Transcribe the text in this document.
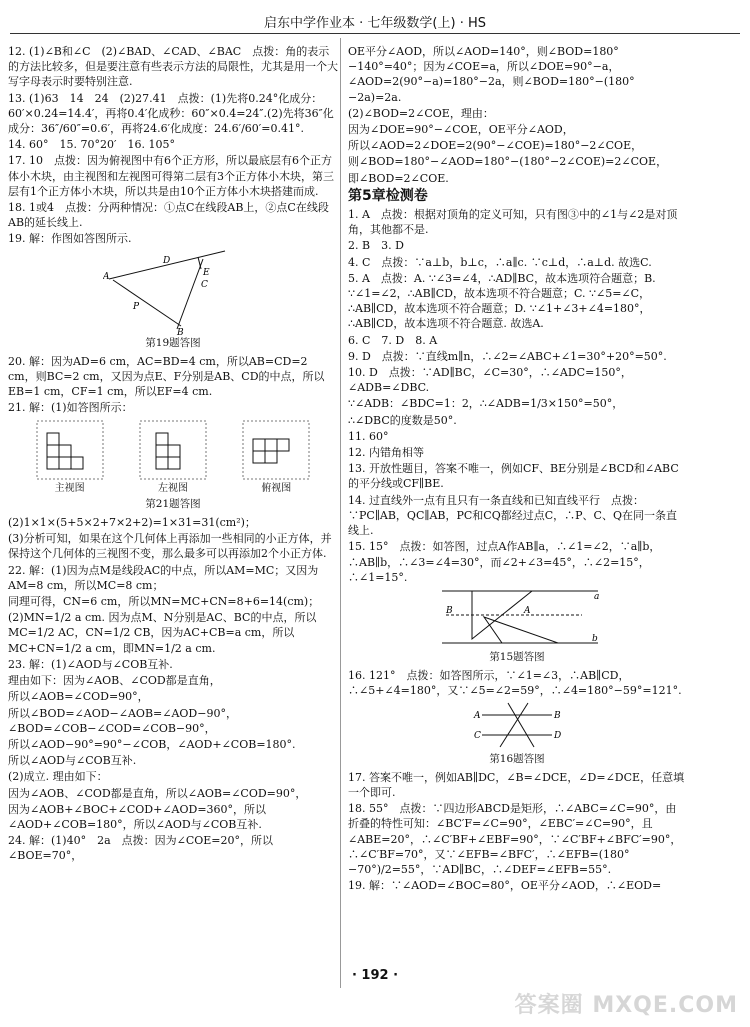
启东中学作业本 · 七年级数学(上) · HS

12. (1)∠B和∠C　(2)∠BAD、∠CAD、∠BAC　点拨：角的表示的方法比较多，但是要注意有些表示方法的局限性，尤其是用一个大写字母表示时要特别注意.

13. (1)63　14　24　(2)27.41　点拨：(1)先将0.24°化成分：60′×0.24=14.4′，再将0.4′化成秒：60″×0.4=24″.(2)先将36″化成分：36″/60″=0.6′，再将24.6′化成度：24.6′/60′=0.41°.

14. 60°　15. 70°20′　16. 105°

17. 10　点拨：因为俯视图中有6个正方形，所以最底层有6个正方体小木块，由主视图和左视图可得第二层有3个正方体小木块，第三层有1个正方体小木块，所以共是由10个正方体小木块搭建而成.

18. 1或4　点拨：分两种情况：①点C在线段AB上，②点C在线段AB的延长线上.

19. 解：作图如答图所示.

A
D
E
C
P
B
第19题答图

20. 解：因为AD=6 cm，AC=BD=4 cm，所以AB=CD=2 cm，则BC=2 cm，又因为点E、F分别是AB、CD的中点，所以EB=1 cm，CF=1 cm，所以EF=4 cm.

21. 解：(1)如答图所示：

主视图	左视图	俯视图
第21题答图

(2)1×1×(5+5×2+7×2+2)=1×31=31(cm²)；

(3)分析可知，如果在这个几何体上再添加一些相同的小正方体，并保持这个几何体的三视图不变，那么最多可以再添加2个小正方体.

22. 解：(1)因为点M是线段AC的中点，所以AM=MC；又因为AM=8 cm，所以MC=8 cm；

同理可得，CN=6 cm，所以MN=MC+CN=8+6=14(cm)；

(2)MN=1/2 a cm. 因为点M、N分别是AC、BC的中点，所以MC=1/2 AC，CN=1/2 CB，因为AC+CB=a cm，所以MC+CN=1/2 a cm，即MN=1/2 a cm.

23. 解：(1)∠AOD与∠COB互补.

理由如下：因为∠AOB、∠COD都是直角，

所以∠AOB=∠COD=90°，

所以∠BOD=∠AOD−∠AOB=∠AOD−90°，∠BOD=∠COB−∠COD=∠COB−90°，

所以∠AOD−90°=90°−∠COB，∠AOD+∠COB=180°.

所以∠AOD与∠COB互补.

(2)成立. 理由如下：

因为∠AOB、∠COD都是直角，所以∠AOB=∠COD=90°，

因为∠AOB+∠BOC+∠COD+∠AOD=360°，所以∠AOD+∠COB=180°，所以∠AOD与∠COB互补.

24. 解：(1)40°　2a　点拨：因为∠COE=20°，所以∠BOE=70°，

OE平分∠AOD，所以∠AOD=140°，则∠BOD=180°−140°=40°；因为∠COE=a，所以∠DOE=90°−a，∠AOD=2(90°−a)=180°−2a，则∠BOD=180°−(180°−2a)=2a.

(2)∠BOD=2∠COE，理由：

因为∠DOE=90°−∠COE，OE平分∠AOD，

所以∠AOD=2∠DOE=2(90°−∠COE)=180°−2∠COE，

则∠BOD=180°−∠AOD=180°−(180°−2∠COE)=2∠COE，

即∠BOD=2∠COE.

第5章检测卷

1. A　点拨：根据对顶角的定义可知，只有图③中的∠1与∠2是对顶角，其他都不是.

2. B　3. D

4. C　点拨：∵a⊥b，b⊥c，∴a∥c. ∵c⊥d，∴a⊥d. 故选C.

5. A　点拨：A. ∵∠3=∠4，∴AD∥BC，故本选项符合题意；B. ∵∠1=∠2，∴AB∥CD，故本选项不符合题意；C. ∵∠5=∠C，∴AB∥CD，故本选项不符合题意；D. ∵∠1+∠3+∠4=180°，∴AB∥CD，故本选项不符合题意. 故选A.

6. C　7. D　8. A

9. D　点拨：∵直线m∥n，∴∠2=∠ABC+∠1=30°+20°=50°.

10. D　点拨：∵AD∥BC，∠C=30°，∴∠ADC=150°，∠ADB=∠DBC.

∵∠ADB：∠BDC=1：2，∴∠ADB=1/3×150°=50°，

∴∠DBC的度数是50°.

11. 60°

12. 内错角相等

13. 开放性题目，答案不唯一，例如CF、BE分别是∠BCD和∠ABC的平分线或CF∥BE.

14. 过直线外一点有且只有一条直线和已知直线平行　点拨：∵PC∥AB，QC∥AB，PC和CQ都经过点C，∴P、C、Q在同一条直线上.

15. 15°　点拨：如答图，过点A作AB∥a，∴∠1=∠2，∵a∥b，∴AB∥b，∴∠3=∠4=30°，而∠2+∠3=45°，∴∠2=15°，∴∠1=15°.

a
b
B	A
第15题答图

16. 121°　点拨：如答图所示，∵∠1=∠3，∴AB∥CD，∴∠5+∠4=180°，又∵∠5=∠2=59°，∴∠4=180°−59°=121°.

A	B
C	D
第16题答图

17. 答案不唯一，例如AB∥DC，∠B=∠DCE，∠D=∠DCE，任意填一个即可.

18. 55°　点拨：∵四边形ABCD是矩形，∴∠ABC=∠C=90°，由折叠的特性可知：∠BC′F=∠C=90°，∠EBC′=∠C=90°，且∠ABE=20°，∴∠C′BF+∠EBF=90°，∵∠C′BF+∠BFC′=90°，∴∠C′BF=70°，又∵∠EFB=∠BFC′，∴∠EFB=(180°−70°)/2=55°，∵AD∥BC，∴∠DEF=∠EFB=55°.

19. 解：∵∠AOD=∠BOC=80°，OE平分∠AOD，∴∠EOD=

· 192 ·
答案圈 MXQE.COM
